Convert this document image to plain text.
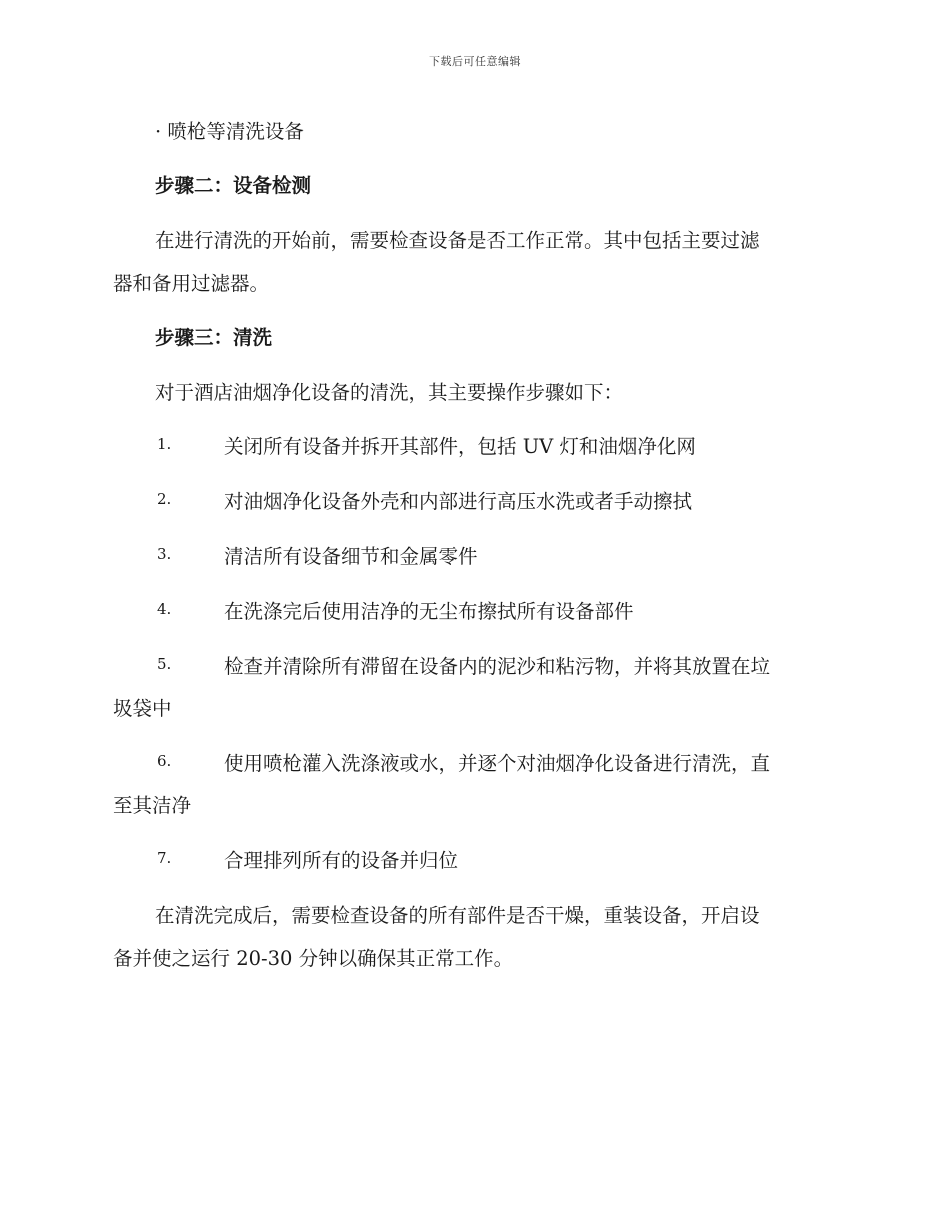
下载后可任意编辑
· 喷枪等清洗设备
步骤二：设备检测
在进行清洗的开始前，需要检查设备是否工作正常。其中包括主要过滤
器和备用过滤器。
步骤三：清洗
对于酒店油烟净化设备的清洗，其主要操作步骤如下：
1.	关闭所有设备并拆开其部件，包括 UV 灯和油烟净化网
2.	对油烟净化设备外壳和内部进行高压水洗或者手动擦拭
3.	清洁所有设备细节和金属零件
4.	在洗涤完后使用洁净的无尘布擦拭所有设备部件
5.	检查并清除所有滞留在设备内的泥沙和粘污物，并将其放置在垃
圾袋中
6.	使用喷枪灌入洗涤液或水，并逐个对油烟净化设备进行清洗，直
至其洁净
7.	合理排列所有的设备并归位
在清洗完成后，需要检查设备的所有部件是否干燥，重装设备，开启设
备并使之运行 20-30 分钟以确保其正常工作。
